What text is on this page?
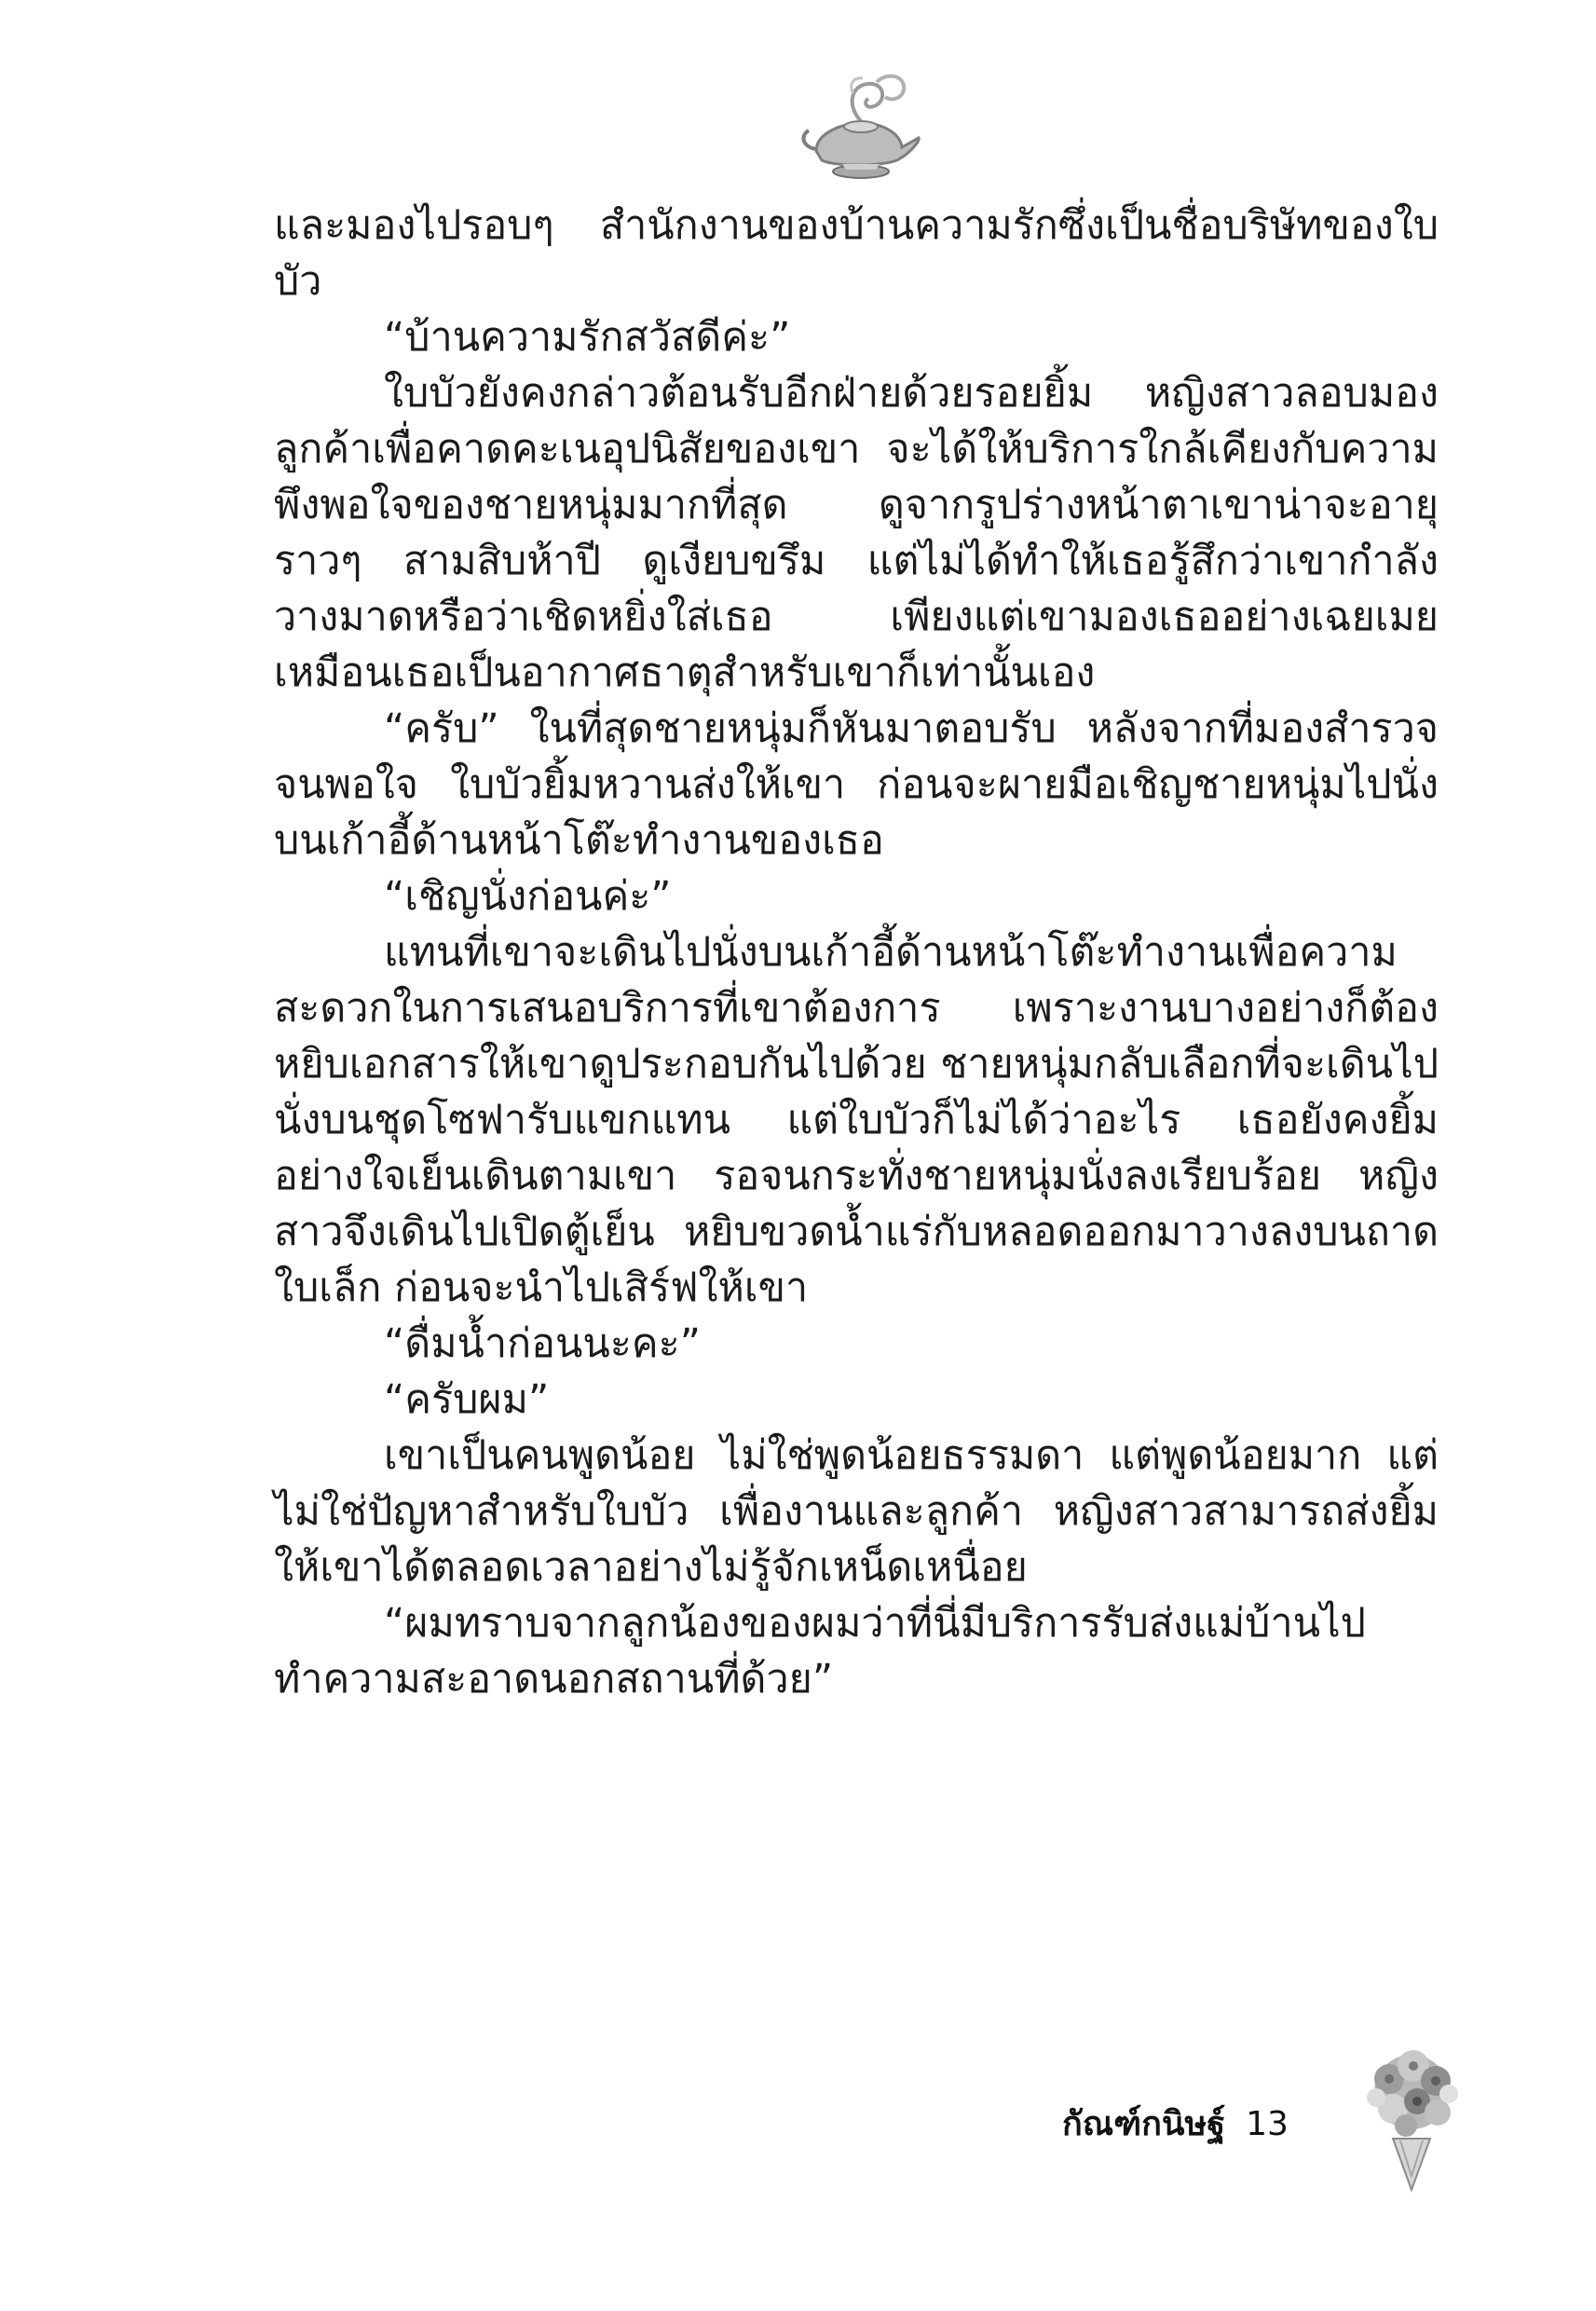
และมองไปรอบๆ สำนักงานของบ้านความรักซึ่งเป็นชื่อบริษัทของใบบัว

“บ้านความรักสวัสดีค่ะ”

ใบบัวยังคงกล่าวต้อนรับอีกฝ่ายด้วยรอยยิ้ม หญิงสาวลอบมองลูกค้าเพื่อคาดคะเนอุปนิสัยของเขา จะได้ให้บริการใกล้เคียงกับความพึงพอใจของชายหนุ่มมากที่สุด ดูจากรูปร่างหน้าตาเขาน่าจะอายุราวๆ สามสิบห้าปี ดูเงียบขรึม แต่ไม่ได้ทำให้เธอรู้สึกว่าเขากำลังวางมาดหรือว่าเชิดหยิ่งใส่เธอ เพียงแต่เขามองเธออย่างเฉยเมย เหมือนเธอเป็นอากาศธาตุสำหรับเขาก็เท่านั้นเอง

“ครับ” ในที่สุดชายหนุ่มก็หันมาตอบรับ หลังจากที่มองสำรวจจนพอใจ ใบบัวยิ้มหวานส่งให้เขา ก่อนจะผายมือเชิญชายหนุ่มไปนั่งบนเก้าอี้ด้านหน้าโต๊ะทำงานของเธอ

“เชิญนั่งก่อนค่ะ”

แทนที่เขาจะเดินไปนั่งบนเก้าอี้ด้านหน้าโต๊ะทำงานเพื่อความสะดวกในการเสนอบริการที่เขาต้องการ เพราะงานบางอย่างก็ต้องหยิบเอกสารให้เขาดูประกอบกันไปด้วย ชายหนุ่มกลับเลือกที่จะเดินไปนั่งบนชุดโซฟารับแขกแทน แต่ใบบัวก็ไม่ได้ว่าอะไร เธอยังคงยิ้มอย่างใจเย็นเดินตามเขา รอจนกระทั่งชายหนุ่มนั่งลงเรียบร้อย หญิงสาวจึงเดินไปเปิดตู้เย็น หยิบขวดน้ำแร่กับหลอดออกมาวางลงบนถาดใบเล็ก ก่อนจะนำไปเสิร์ฟให้เขา

“ดื่มน้ำก่อนนะคะ”

“ครับผม”

เขาเป็นคนพูดน้อย ไม่ใช่พูดน้อยธรรมดา แต่พูดน้อยมาก แต่ไม่ใช่ปัญหาสำหรับใบบัว เพื่องานและลูกค้า หญิงสาวสามารถส่งยิ้มให้เขาได้ตลอดเวลาอย่างไม่รู้จักเหน็ดเหนื่อย

“ผมทราบจากลูกน้องของผมว่าที่นี่มีบริการรับส่งแม่บ้านไปทำความสะอาดนอกสถานที่ด้วย”

กัณฑ์กนิษฐ์ 13
